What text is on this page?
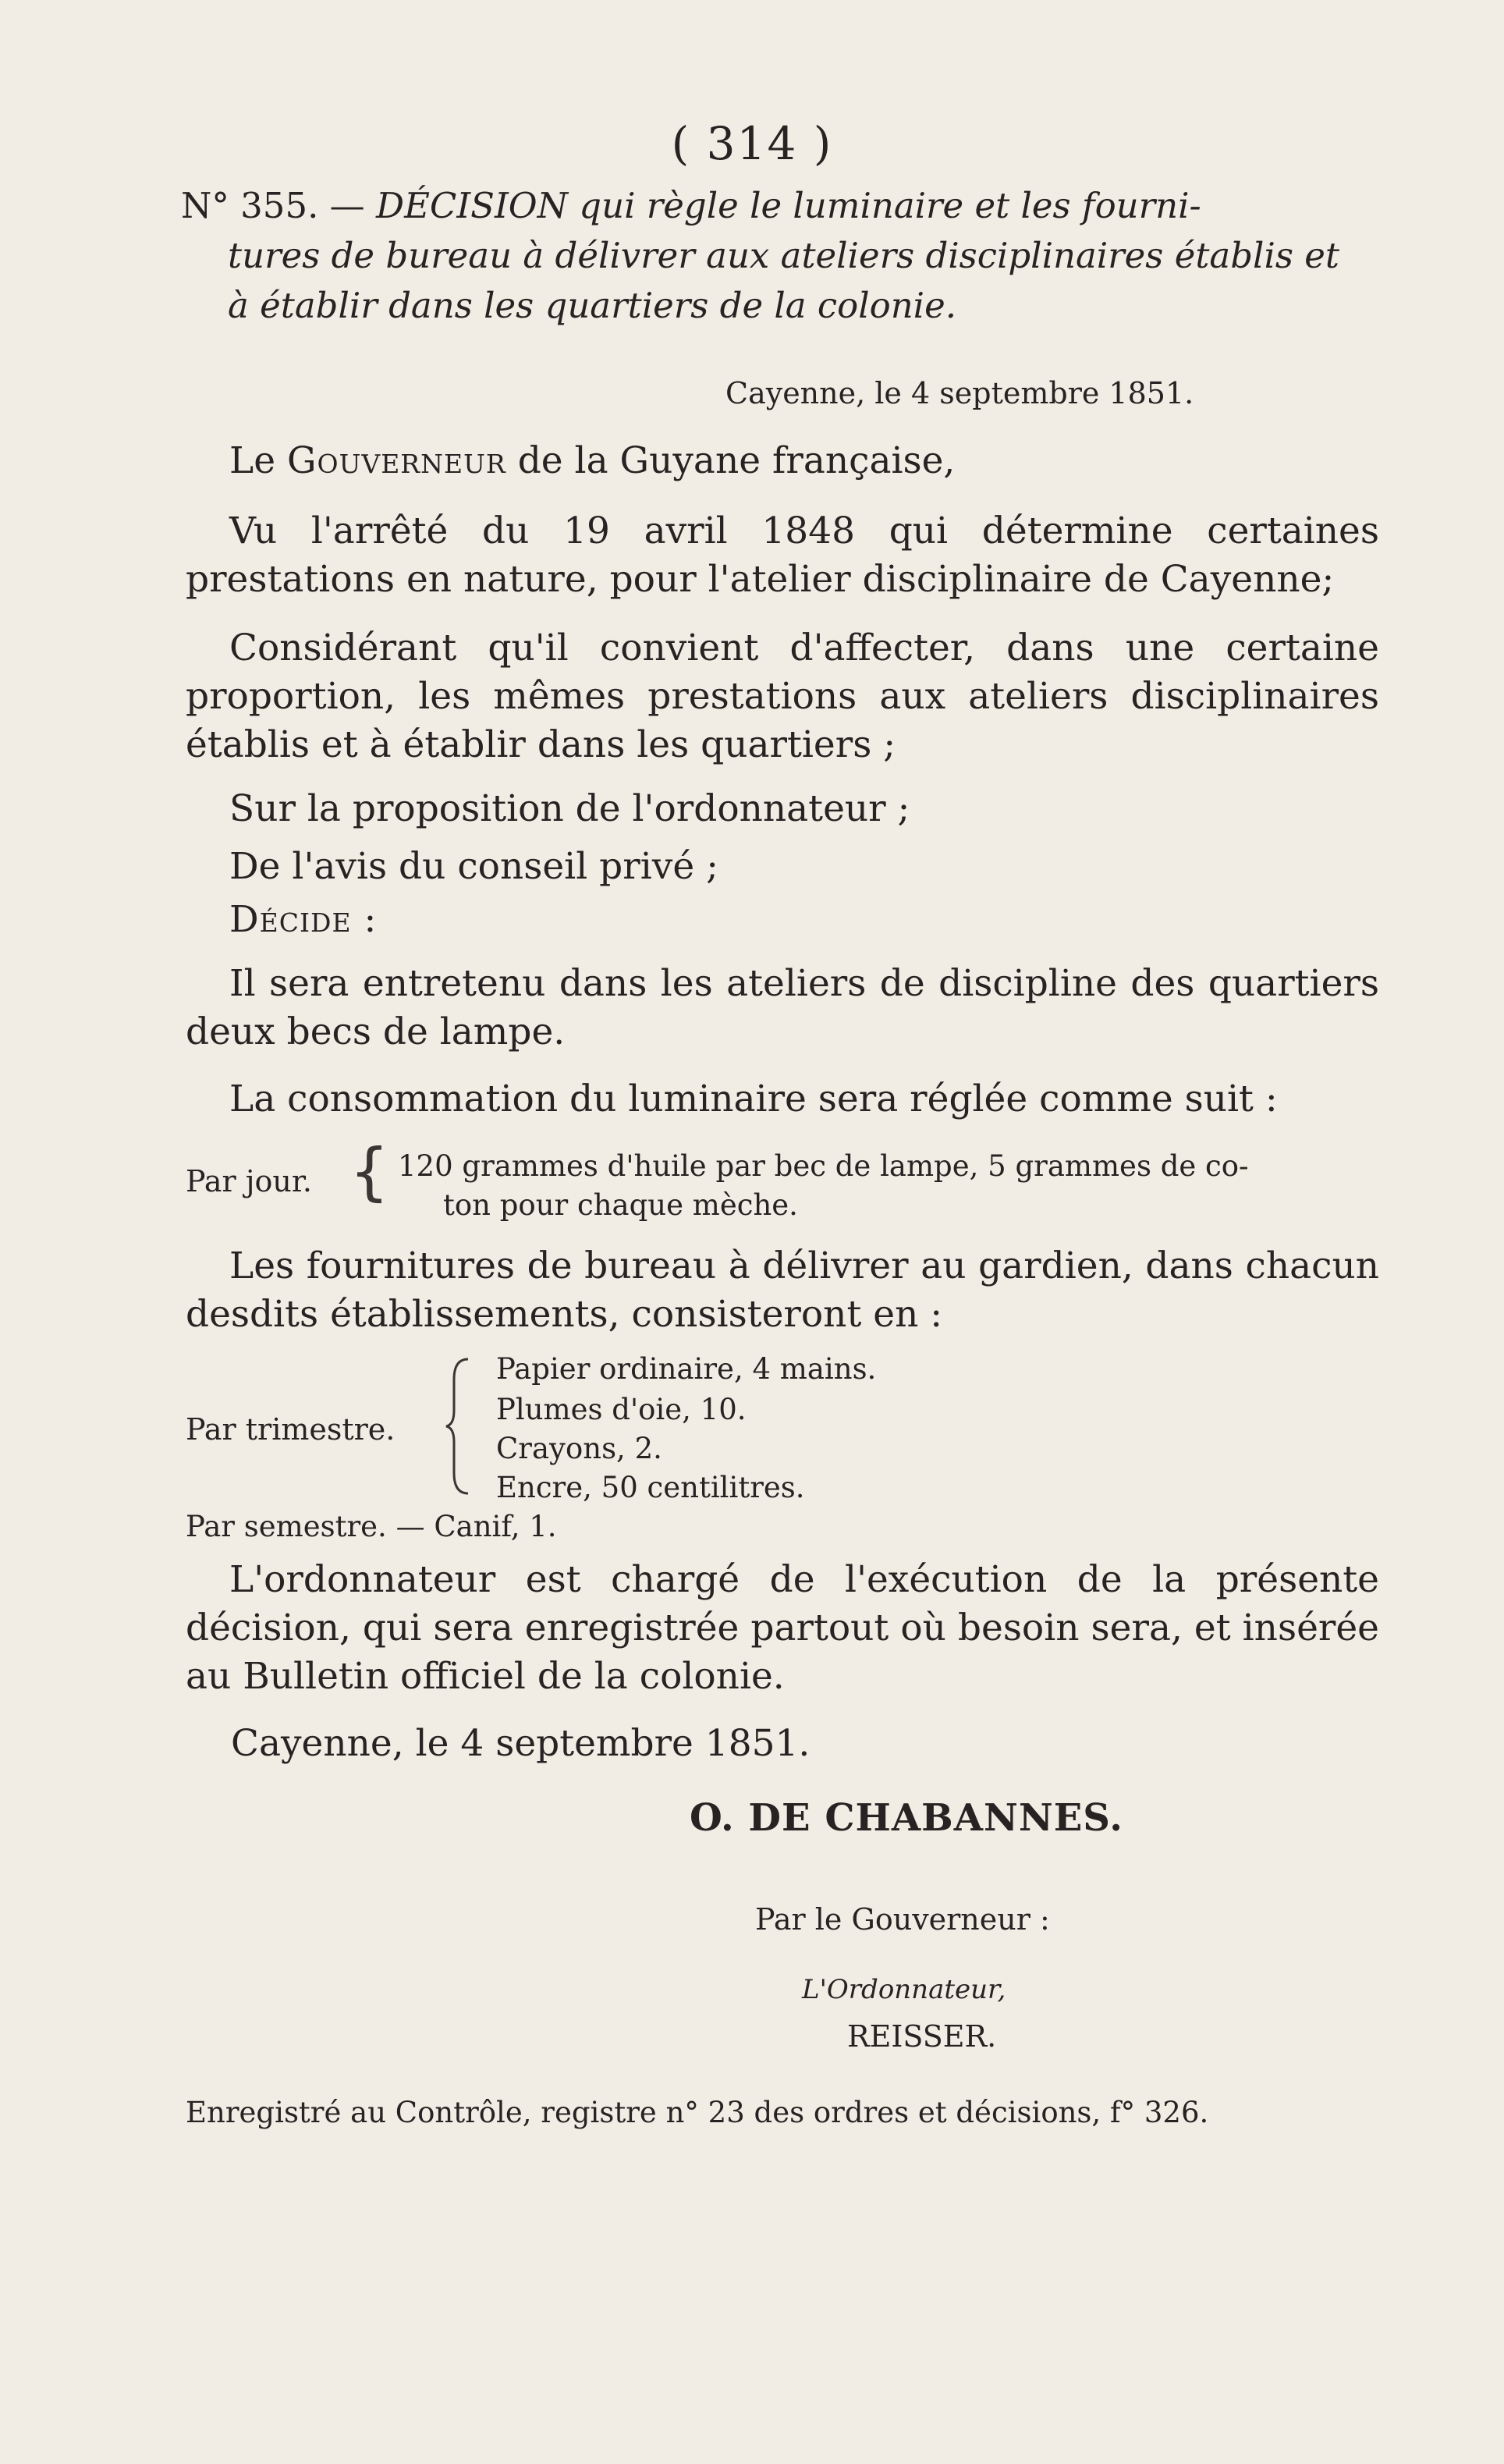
( 314 )
N° 355. — DÉCISION qui règle le luminaire et les fourni-
tures de bureau à délivrer aux ateliers disciplinaires établis et
à établir dans les quartiers de la colonie.
Cayenne, le 4 septembre 1851.
Le Gouverneur de la Guyane française,
Vu l'arrêté du 19 avril 1848 qui détermine certaines prestations en nature, pour l'atelier disciplinaire de Cayenne;
Considérant qu'il convient d'affecter, dans une certaine proportion, les mêmes prestations aux ateliers disciplinaires établis et à établir dans les quartiers ;
Sur la proposition de l'ordonnateur ;
De l'avis du conseil privé ;
Décide :
Il sera entretenu dans les ateliers de discipline des quartiers deux becs de lampe.
La consommation du luminaire sera réglée comme suit :
Par jour. { 120 grammes d'huile par bec de lampe, 5 grammes de co-
ton pour chaque mèche.
Les fournitures de bureau à délivrer au gardien, dans chacun desdits établissements, consisteront en :
Par trimestre.
Papier ordinaire, 4 mains.
Plumes d'oie, 10.
Crayons, 2.
Encre, 50 centilitres.
Par semestre. — Canif, 1.
L'ordonnateur est chargé de l'exécution de la présente décision, qui sera enregistrée partout où besoin sera, et insérée au Bulletin officiel de la colonie.
Cayenne, le 4 septembre 1851.
O. DE CHABANNES.
Par le Gouverneur :
L'Ordonnateur,
REISSER.
Enregistré au Contrôle, registre n° 23 des ordres et décisions, f° 326.
